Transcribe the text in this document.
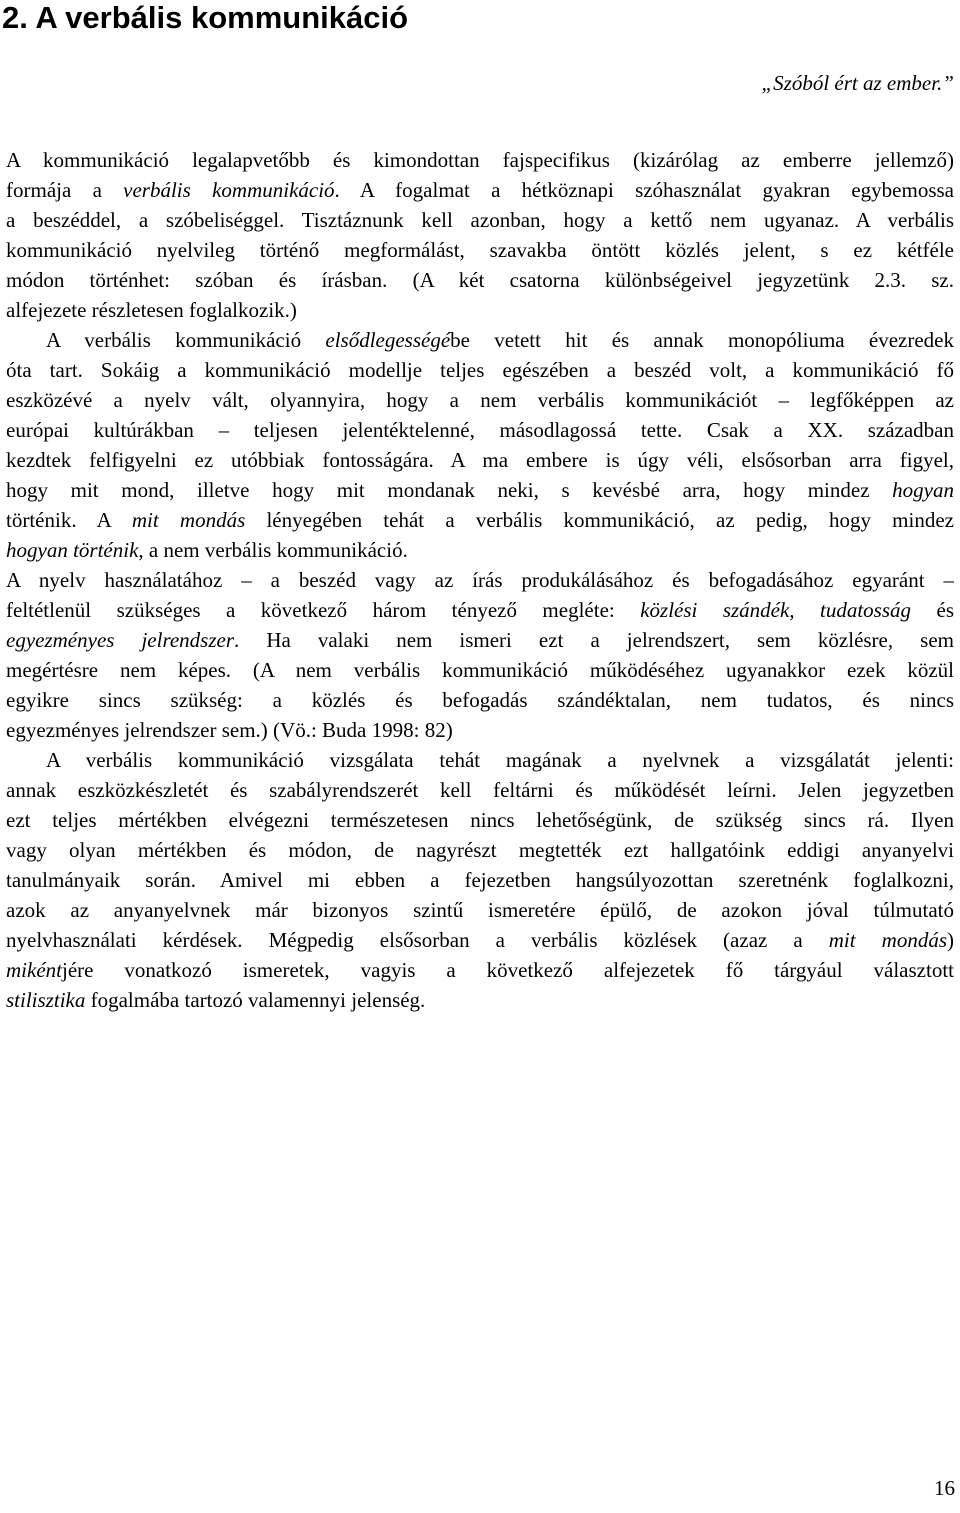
2. A verbális kommunikáció
„Szóból ért az ember.”
A kommunikáció legalapvetőbb és kimondottan fajspecifikus (kizárólag az emberre jellemző)
formája a verbális kommunikáció. A fogalmat a hétköznapi szóhasználat gyakran egybemossa
a beszéddel, a szóbeliséggel. Tisztáznunk kell azonban, hogy a kettő nem ugyanaz. A verbális
kommunikáció nyelvileg történő megformálást, szavakba öntött közlés jelent, s ez kétféle
módon történhet: szóban és írásban. (A két csatorna különbségeivel jegyzetünk 2.3. sz.
alfejezete részletesen foglalkozik.)
A verbális kommunikáció elsődlegességébe vetett hit és annak monopóliuma évezredek
óta tart. Sokáig a kommunikáció modellje teljes egészében a beszéd volt, a kommunikáció fő
eszközévé a nyelv vált, olyannyira, hogy a nem verbális kommunikációt – legfőképpen az
európai kultúrákban – teljesen jelentéktelenné, másodlagossá tette. Csak a XX. században
kezdtek felfigyelni ez utóbbiak fontosságára. A ma embere is úgy véli, elsősorban arra figyel,
hogy mit mond, illetve hogy mit mondanak neki, s kevésbé arra, hogy mindez hogyan
történik. A mit mondás lényegében tehát a verbális kommunikáció, az pedig, hogy mindez
hogyan történik, a nem verbális kommunikáció.
A nyelv használatához – a beszéd vagy az írás produkálásához és befogadásához egyaránt –
feltétlenül szükséges a következő három tényező megléte: közlési szándék, tudatosság és
egyezményes jelrendszer. Ha valaki nem ismeri ezt a jelrendszert, sem közlésre, sem
megértésre nem képes. (A nem verbális kommunikáció működéséhez ugyanakkor ezek közül
egyikre sincs szükség: a közlés és befogadás szándéktalan, nem tudatos, és nincs
egyezményes jelrendszer sem.) (Vö.: Buda 1998: 82)
A verbális kommunikáció vizsgálata tehát magának a nyelvnek a vizsgálatát jelenti:
annak eszközkészletét és szabályrendszerét kell feltárni és működését leírni. Jelen jegyzetben
ezt teljes mértékben elvégezni természetesen nincs lehetőségünk, de szükség sincs rá. Ilyen
vagy olyan mértékben és módon, de nagyrészt megtették ezt hallgatóink eddigi anyanyelvi
tanulmányaik során. Amivel mi ebben a fejezetben hangsúlyozottan szeretnénk foglalkozni,
azok az anyanyelvnek már bizonyos szintű ismeretére épülő, de azokon jóval túlmutató
nyelvhasználati kérdések. Mégpedig elsősorban a verbális közlések (azaz a mit mondás)
mikéntjére vonatkozó ismeretek, vagyis a következő alfejezetek fő tárgyául választott
stilisztika fogalmába tartozó valamennyi jelenség.
16
